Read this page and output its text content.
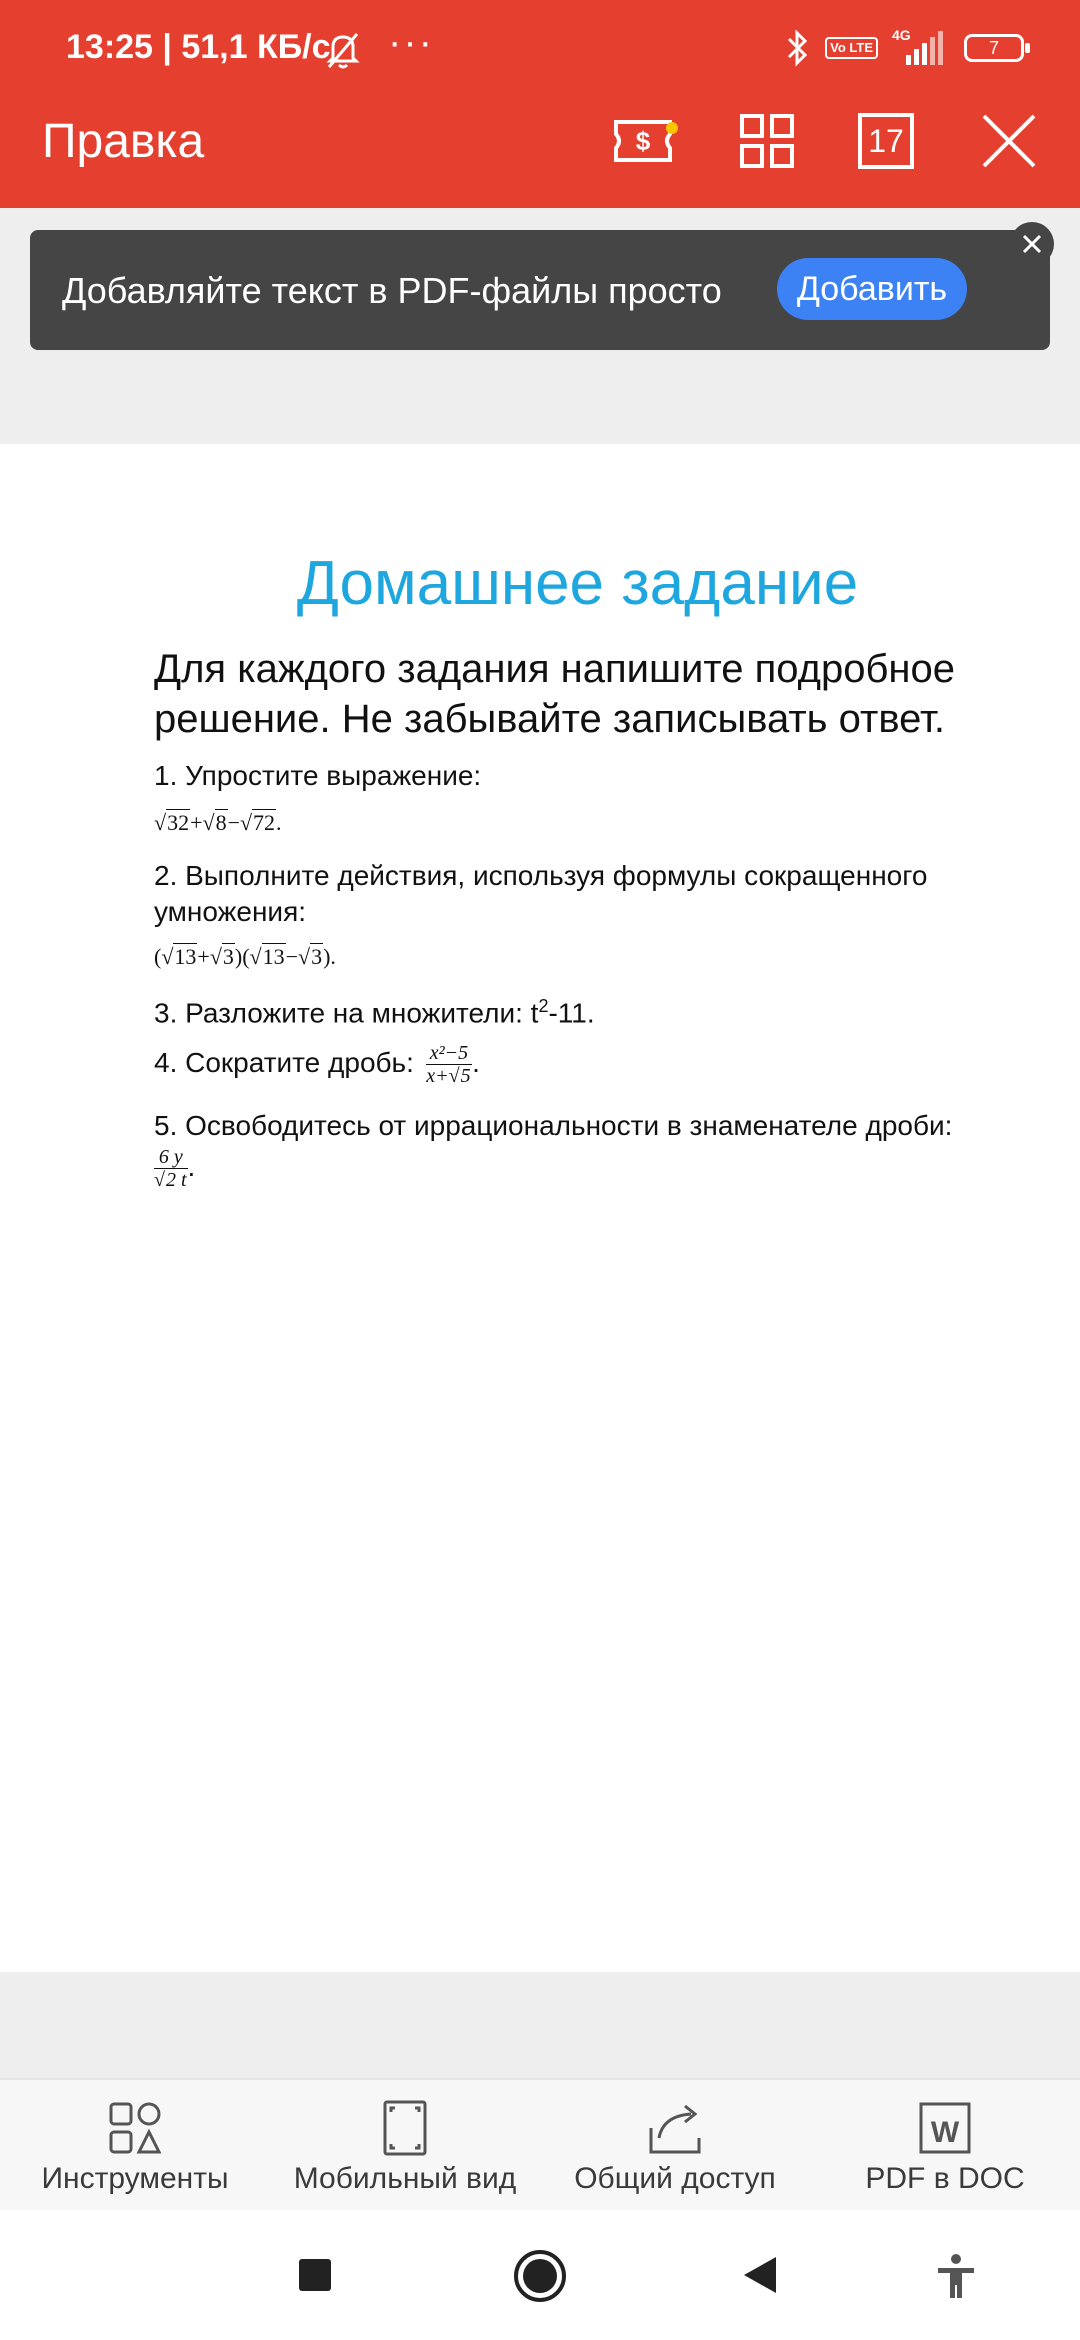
13:25 | 51,1 КБ/с ···	Vo LTE
4G
7
Правка	$	17
Добавляйте текст в PDF-файлы просто	Добавить
Домашнее задание
Для каждого задания напишите подробное решение. Не забывайте записывать ответ.
1. Упростите выражение:
√32+√8−√72.
2. Выполните действия, используя формулы сокращенного умножения:
(√13+√3)(√13−√3).
3. Разложите на множители: $t^2-11$.
4. Сократите дробь: $\frac{\text{x²−5}}{x+√5}$ .
5. Освободитесь от иррациональности в знаменателе дроби:
$\frac{6 y}{√2 t}$ .
Инструменты	Мобильный вид	Общий доступ
W
PDF в DOC
